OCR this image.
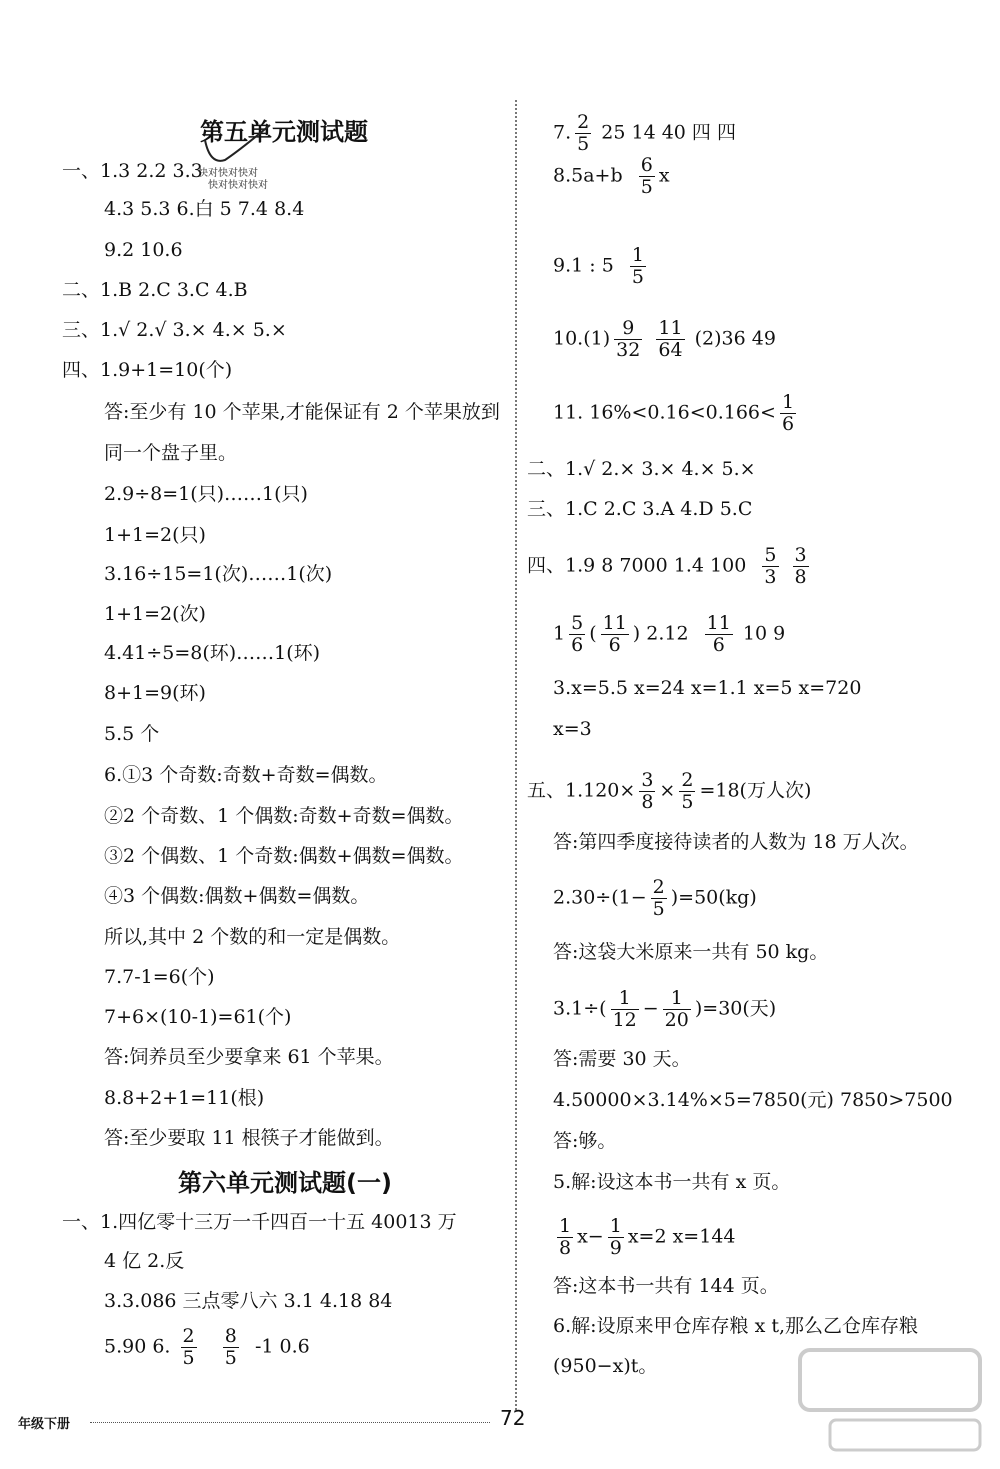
第五单元测试题
一、1.3 2.2 3.3
快对快对快对
快对快对快对
4.3 5.3 6.白 5 7.4 8.4
9.2 10.6
二、1.B 2.C 3.C 4.B
三、1.√ 2.√ 3.× 4.× 5.×
四、1.9+1=10(个)
答:至少有 10 个苹果,才能保证有 2 个苹果放到
同一个盘子里。
2.9÷8=1(只)……1(只)
1+1=2(只)
3.16÷15=1(次)……1(次)
1+1=2(次)
4.41÷5=8(环)……1(环)
8+1=9(环)
5.5 个
6.①3 个奇数:奇数+奇数=偶数。
②2 个奇数、1 个偶数:奇数+奇数=偶数。
③2 个偶数、1 个奇数:偶数+偶数=偶数。
④3 个偶数:偶数+偶数=偶数。
所以,其中 2 个数的和一定是偶数。
7.7-1=6(个)
7+6×(10-1)=61(个)
答:饲养员至少要拿来 61 个苹果。
8.8+2+1=11(根)
答:至少要取 11 根筷子才能做到。
第六单元测试题(一)
一、1.四亿零十三万一千四百一十五 40013 万
4 亿 2.反
3.3.086 三点零八六 3.1 4.18 84
5.90 6. $\frac{2}{5}$
$\frac{8}{5} -1$ 0.6
7. $\frac{2}{5} 25$ 14 40 四 四
$8.5a+b \frac{6}{5}$ x
9.1 : $5 \frac{1}{5}$
$10.(1) \frac{9}{32}$
$\frac{11}{64} (2)36$ 49
11. $16\%<0.16<0.166< \frac{1}{6}$
二、1.√ 2.× 3.× 4.× 5.×
三、1.C 2.C 3.A 4.D 5.C
四、1.9 8 7000 1.4 $100 \frac{5}{3}$
$\frac{3}{8}$
$1 \frac{5}{6}$ ( $\frac{11}{6}$ ) $2.12 \frac{11}{6} 10$ 9
3.x=5.5 x=24 x=1.1 x=5 x=720
x=3
五、$1.120\times \frac{3}{8} \times \frac{2}{5} =18$(万人次)
答:第四季度接待读者的人数为 18 万人次。
$2.30\div(1- \frac{2}{5} )=50(kg)$
答:这袋大米原来一共有 50 kg。
$3.1\div( \frac{1}{12} - \frac{1}{20} )=30$(天)
答:需要 30 天。
4.50000×3.14%×5=7850(元) 7850>7500
答:够。
5.解:设这本书一共有 x 页。
$\frac{1}{8} x- \frac{1}{9} x=2$ x=144
答:这本书一共有 144 页。
6.解:设原来甲仓库存粮 x t,那么乙仓库存粮
(950−x)t。
年级下册	72
